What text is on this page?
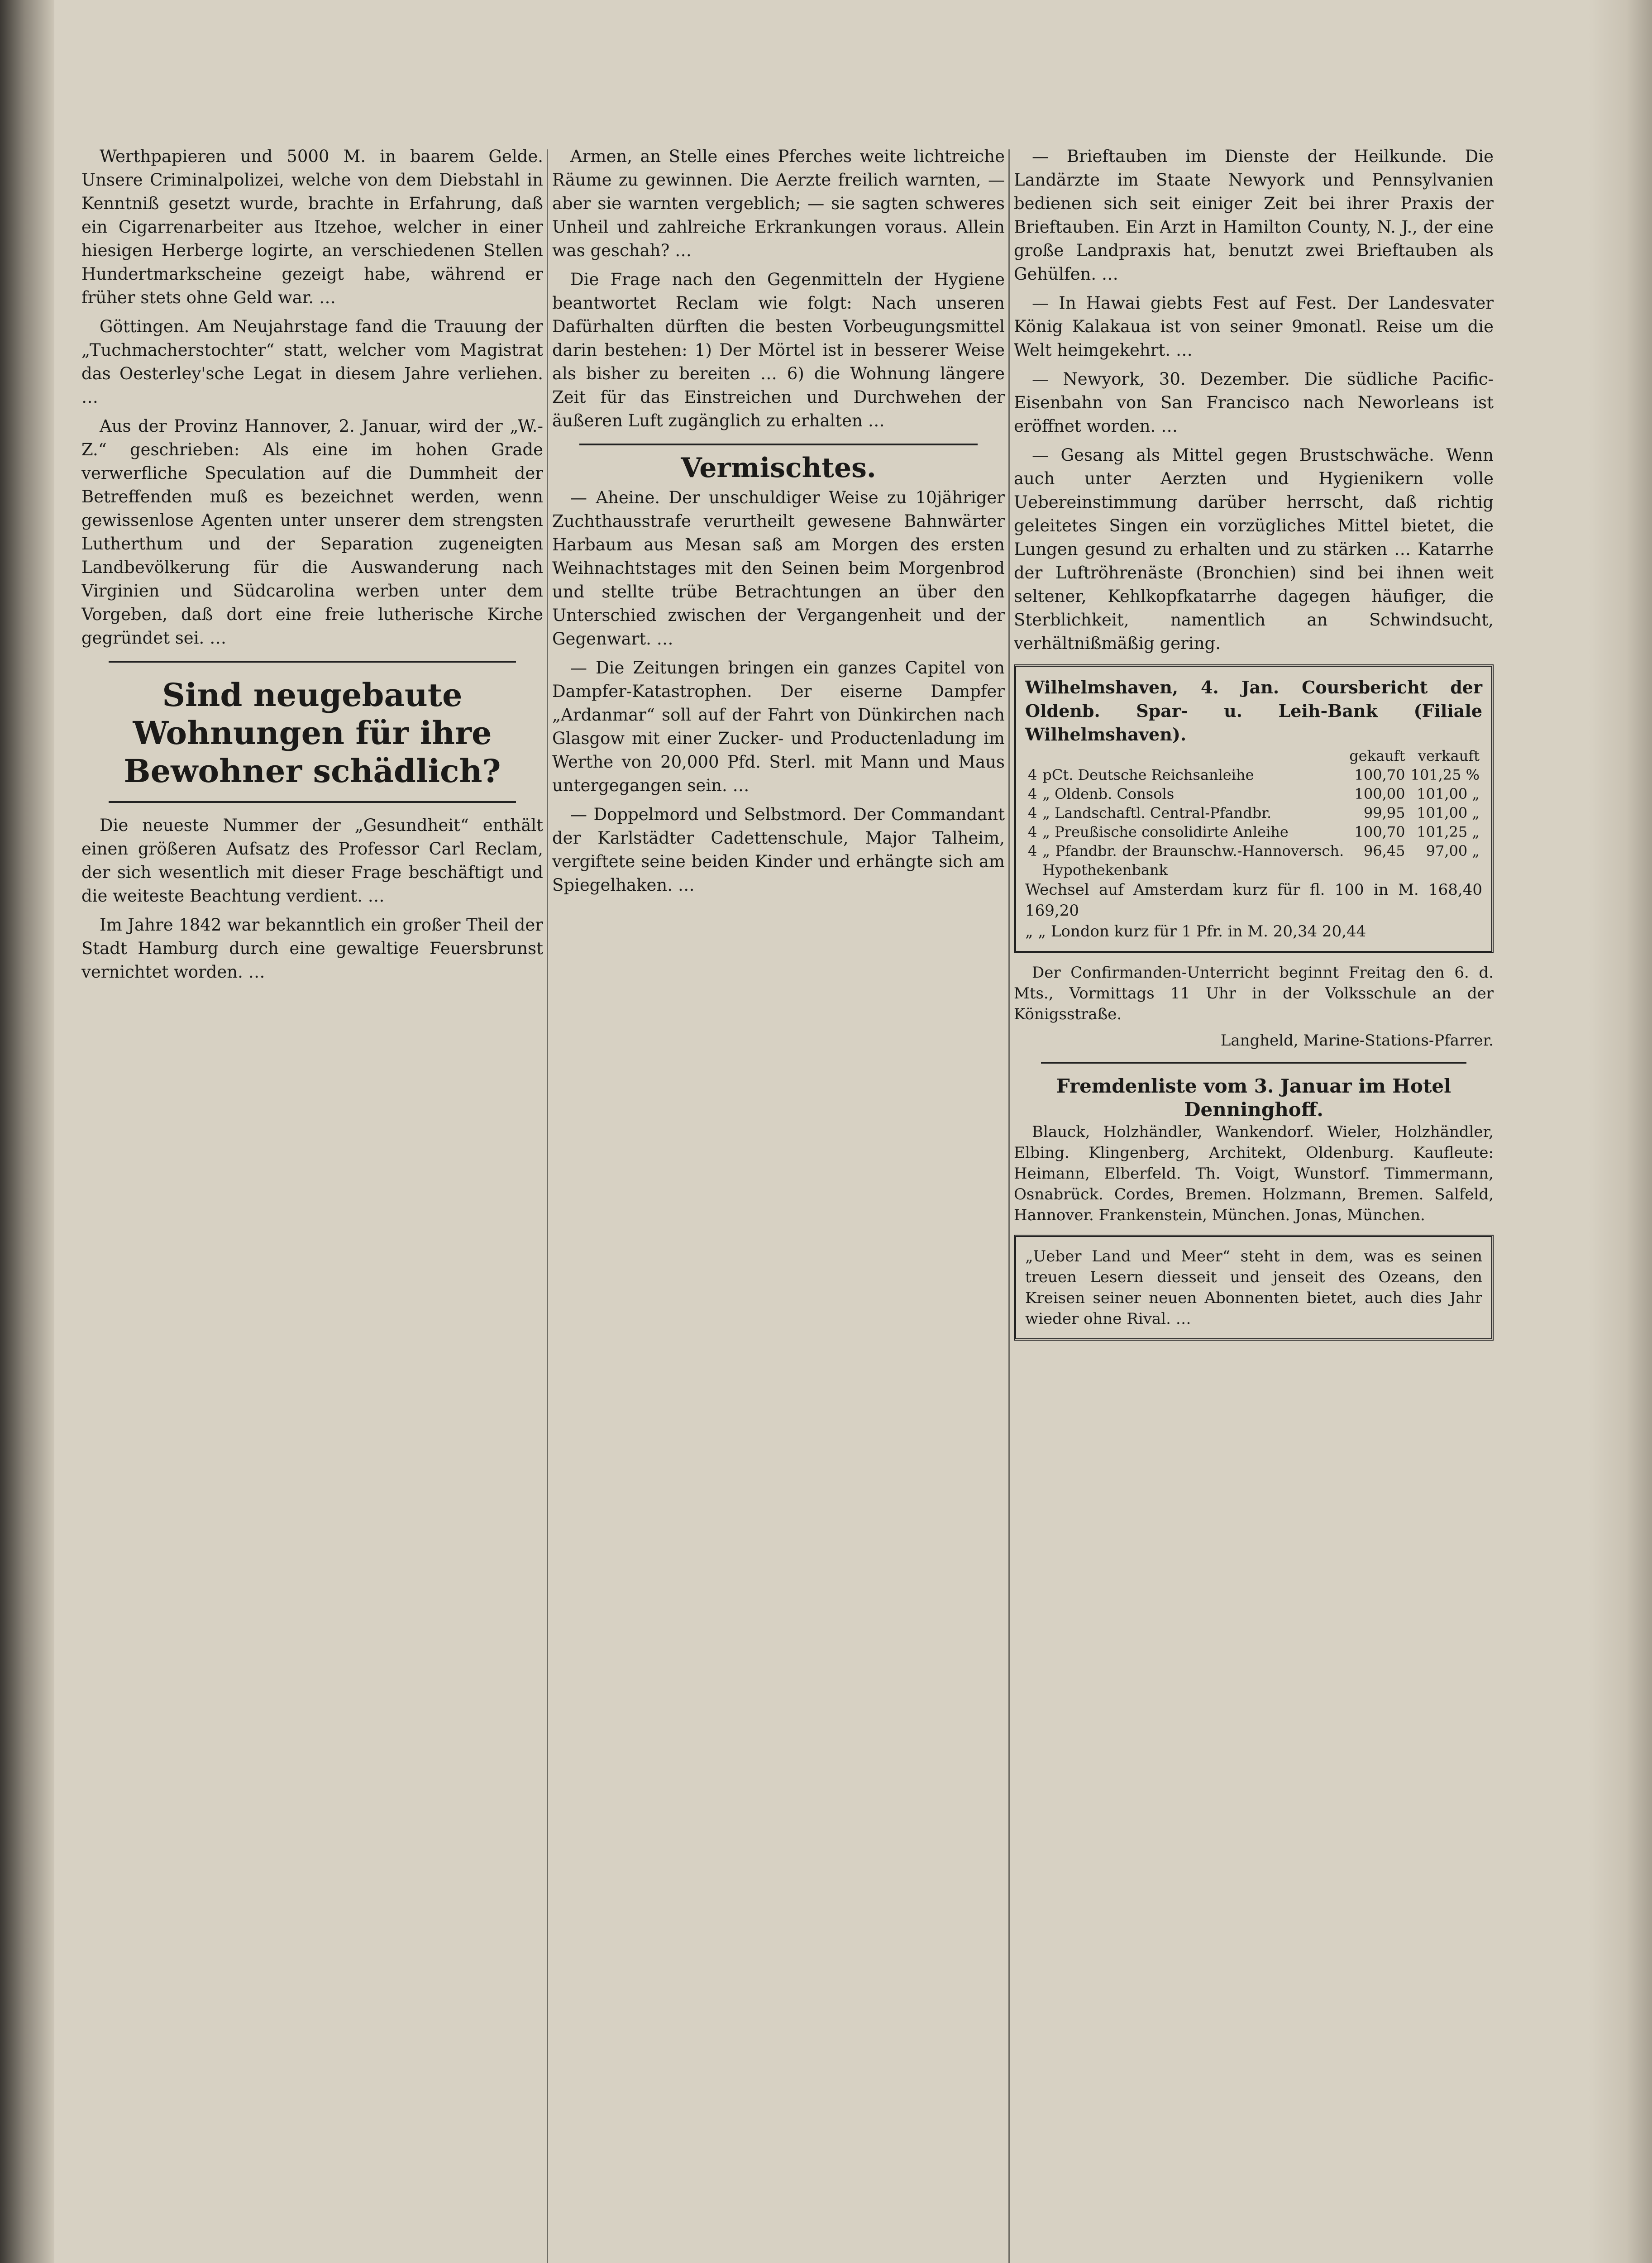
Werthpapieren und 5000 M. in baarem Gelde. Unsere Criminalpolizei, welche von dem Diebstahl in Kenntniß gesetzt wurde, brachte in Erfahrung, daß ein Cigarrenarbeiter aus Itzehoe, welcher in einer hiesigen Herberge logirte, an verschiedenen Stellen Hundertmarkscheine gezeigt habe, während er früher stets ohne Geld war. …

Göttingen. Am Neujahrstage fand die Trauung der „Tuchmacherstochter“ statt, welcher vom Magistrat das Oesterley'sche Legat in diesem Jahre verliehen. …

Aus der Provinz Hannover, 2. Januar, wird der „W.-Z.“ geschrieben: Als eine im hohen Grade verwerfliche Speculation auf die Dummheit der Betreffenden muß es bezeichnet werden, wenn gewissenlose Agenten unter unserer dem strengsten Lutherthum und der Separation zugeneigten Landbevölkerung für die Auswanderung nach Virginien und Südcarolina werben unter dem Vorgeben, daß dort eine freie lutherische Kirche gegründet sei. …

Sind neugebaute Wohnungen für ihre Bewohner schädlich?

Die neueste Nummer der „Gesundheit“ enthält einen größeren Aufsatz des Professor Carl Reclam, der sich wesentlich mit dieser Frage beschäftigt und die weiteste Beachtung verdient. …

Im Jahre 1842 war bekanntlich ein großer Theil der Stadt Hamburg durch eine gewaltige Feuersbrunst vernichtet worden. …

Armen, an Stelle eines Pferches weite lichtreiche Räume zu gewinnen. Die Aerzte freilich warnten, — aber sie warnten vergeblich; — sie sagten schweres Unheil und zahlreiche Erkrankungen voraus. Allein was geschah? …

Die Frage nach den Gegenmitteln der Hygiene beantwortet Reclam wie folgt: Nach unseren Dafürhalten dürften die besten Vorbeugungsmittel darin bestehen: 1) Der Mörtel ist in besserer Weise als bisher zu bereiten … 6) die Wohnung längere Zeit für das Einstreichen und Durchwehen der äußeren Luft zugänglich zu erhalten …

Vermischtes.

— Aheine. Der unschuldiger Weise zu 10jähriger Zuchthausstrafe verurtheilt gewesene Bahnwärter Harbaum aus Mesan saß am Morgen des ersten Weihnachtstages mit den Seinen beim Morgenbrod und stellte trübe Betrachtungen an über den Unterschied zwischen der Vergangenheit und der Gegenwart. …

— Die Zeitungen bringen ein ganzes Capitel von Dampfer-Katastrophen. Der eiserne Dampfer „Ardanmar“ soll auf der Fahrt von Dünkirchen nach Glasgow mit einer Zucker- und Productenladung im Werthe von 20,000 Pfd. Sterl. mit Mann und Maus untergegangen sein. …

— Doppelmord und Selbstmord. Der Commandant der Karlstädter Cadettenschule, Major Talheim, vergiftete seine beiden Kinder und erhängte sich am Spiegelhaken. …

— Brieftauben im Dienste der Heilkunde. Die Landärzte im Staate Newyork und Pennsylvanien bedienen sich seit einiger Zeit bei ihrer Praxis der Brieftauben. Ein Arzt in Hamilton County, N. J., der eine große Landpraxis hat, benutzt zwei Brieftauben als Gehülfen. …

— In Hawai giebts Fest auf Fest. Der Landesvater König Kalakaua ist von seiner 9monatl. Reise um die Welt heimgekehrt. …

— Newyork, 30. Dezember. Die südliche Pacific-Eisenbahn von San Francisco nach Neworleans ist eröffnet worden. …

— Gesang als Mittel gegen Brustschwäche. Wenn auch unter Aerzten und Hygienikern volle Uebereinstimmung darüber herrscht, daß richtig geleitetes Singen ein vorzügliches Mittel bietet, die Lungen gesund zu erhalten und zu stärken … Katarrhe der Luftröhrenäste (Bronchien) sind bei ihnen weit seltener, Kehlkopfkatarrhe dagegen häufiger, die Sterblichkeit, namentlich an Schwindsucht, verhältnißmäßig gering.

Wilhelmshaven, 4. Jan. Coursbericht der Oldenb. Spar- u. Leih-Bank (Filiale Wilhelmshaven).
		gekauft	verkauft
4	pCt. Deutsche Reichsanleihe	100,70	101,25 %
4	„ Oldenb. Consols	100,00	101,00 „
4	„ Landschaftl. Central-Pfandbr.	99,95	101,00 „
4	„ Preußische consolidirte Anleihe	100,70	101,25 „
4	„ Pfandbr. der Braunschw.-Hannoversch. Hypothekenbank	96,45	97,00 „
Wechsel auf Amsterdam kurz für fl. 100 in M. 168,40 169,20
„ „ London kurz für 1 Pfr. in M. 20,34 20,44

Der Confirmanden-Unterricht beginnt Freitag den 6. d. Mts., Vormittags 11 Uhr in der Volksschule an der Königsstraße.

Langheld, Marine-Stations-Pfarrer.

Fremdenliste vom 3. Januar im Hotel Denninghoff.

Blauck, Holzhändler, Wankendorf. Wieler, Holzhändler, Elbing. Klingenberg, Architekt, Oldenburg. Kaufleute: Heimann, Elberfeld. Th. Voigt, Wunstorf. Timmermann, Osnabrück. Cordes, Bremen. Holzmann, Bremen. Salfeld, Hannover. Frankenstein, München. Jonas, München.

„Ueber Land und Meer“ steht in dem, was es seinen treuen Lesern diesseit und jenseit des Ozeans, den Kreisen seiner neuen Abonnenten bietet, auch dies Jahr wieder ohne Rival. …
